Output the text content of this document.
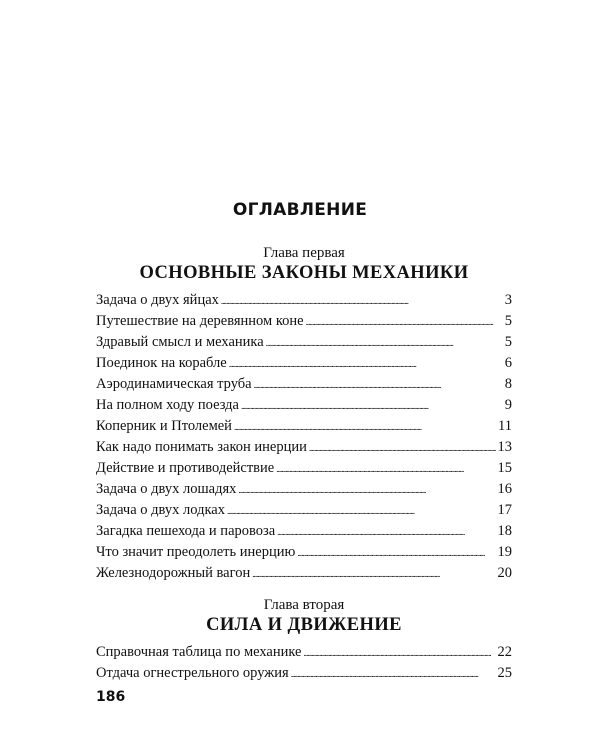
ОГЛАВЛЕНИЕ
Глава первая
ОСНОВНЫЕ ЗАКОНЫ МЕХАНИКИ
Задача о двух яйцах . . .	3
Путешествие на деревянном коне . . .	5
Здравый смысл и механика . . .	5
Поединок на корабле . . .	6
Аэродинамическая труба . . .	8
На полном ходу поезда . . .	9
Коперник и Птолемей . . .	11
Как надо понимать закон инерции . . .	13
Действие и противодействие . . .	15
Задача о двух лошадях . . .	16
Задача о двух лодках . . .	17
Загадка пешехода и паровоза . . .	18
Что значит преодолеть инерцию . . .	19
Железнодорожный вагон . . .	20
Глава вторая
СИЛА И ДВИЖЕНИЕ
Справочная таблица по механике . . .	22
Отдача огнестрельного оружия . . .	25
186
